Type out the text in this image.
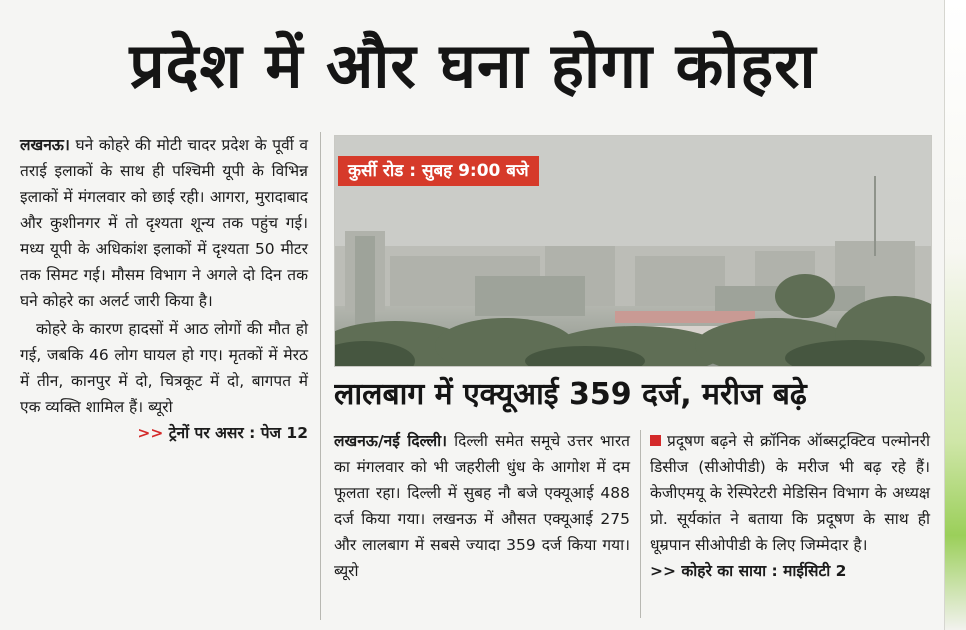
प्रदेश में और घना होगा कोहरा

लखनऊ। घने कोहरे की मोटी चादर प्रदेश के पूर्वी व तराई इलाकों के साथ ही पश्चिमी यूपी के विभिन्न इलाकों में मंगलवार को छाई रही। आगरा, मुरादाबाद और कुशीनगर में तो दृश्यता शून्य तक पहुंच गई। मध्य यूपी के अधिकांश इलाकों में दृश्यता 50 मीटर तक सिमट गई। मौसम विभाग ने अगले दो दिन तक घने कोहरे का अलर्ट जारी किया है।

कोहरे के कारण हादसों में आठ लोगों की मौत हो गई, जबकि 46 लोग घायल हो गए। मृतकों में मेरठ में तीन, कानपुर में दो, चित्रकूट में दो, बागपत में एक व्यक्ति शामिल हैं। ब्यूरो

>> ट्रेनों पर असर : पेज 12

कुर्सी रोड : सुबह 9:00 बजे
लालबाग में एक्यूआई 359 दर्ज, मरीज बढ़े

लखनऊ/नई दिल्ली। दिल्ली समेत समूचे उत्तर भारत का मंगलवार को भी जहरीली धुंध के आगोश में दम फूलता रहा। दिल्ली में सुबह नौ बजे एक्यूआई 488 दर्ज किया गया। लखनऊ में औसत एक्यूआई 275 और लालबाग में सबसे ज्यादा 359 दर्ज किया गया। ब्यूरो

प्रदूषण बढ़ने से क्रॉनिक ऑब्सट्रक्टिव पल्मोनरी डिसीज (सीओपीडी) के मरीज भी बढ़ रहे हैं। केजीएमयू के रेस्पिरेटरी मेडिसिन विभाग के अध्यक्ष प्रो. सूर्यकांत ने बताया कि प्रदूषण के साथ ही धूम्रपान सीओपीडी के लिए जिम्मेदार है।

>> कोहरे का साया : माईसिटी 2
